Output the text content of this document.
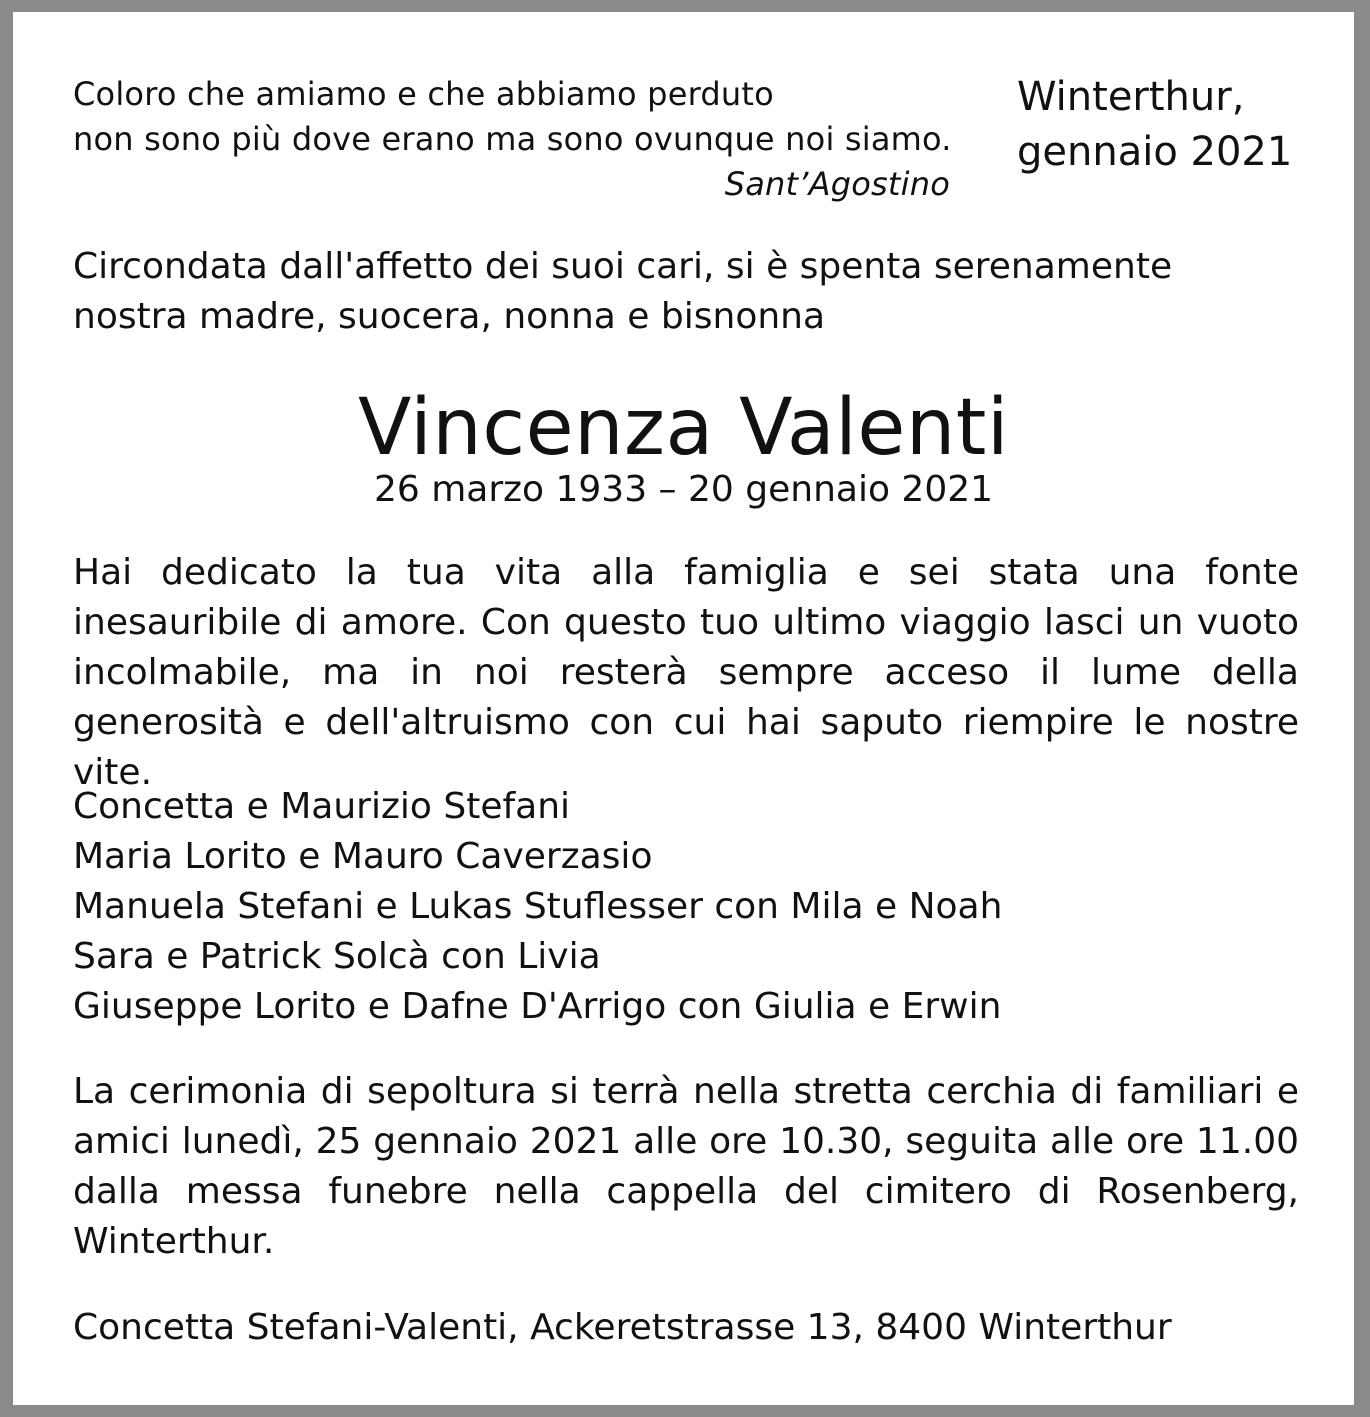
Coloro che amiamo e che abbiamo perduto
non sono più dove erano ma sono ovunque noi siamo.
Sant’Agostino
Winterthur,
gennaio 2021
Circondata dall'affetto dei suoi cari, si è spenta serenamente
nostra madre, suocera, nonna e bisnonna
Vincenza Valenti
26 marzo 1933 – 20 gennaio 2021

Hai dedicato la tua vita alla famiglia e sei stata una fonte inesauribile di amore. Con questo tuo ultimo viaggio lasci un vuoto incolmabile, ma in noi resterà sempre acceso il lume della generosità e dell'altruismo con cui hai saputo riempire le nostre vite.

Concetta e Maurizio Stefani
Maria Lorito e Mauro Caverzasio
Manuela Stefani e Lukas Stuflesser con Mila e Noah
Sara e Patrick Solcà con Livia
Giuseppe Lorito e Dafne D'Arrigo con Giulia e Erwin

La cerimonia di sepoltura si terrà nella stretta cerchia di familiari e amici lunedì, 25 gennaio 2021 alle ore 10.30, seguita alle ore 11.00 dalla messa funebre nella cappella del cimitero di Rosenberg, Winterthur.

Concetta Stefani-Valenti, Ackeretstrasse 13, 8400 Winterthur
